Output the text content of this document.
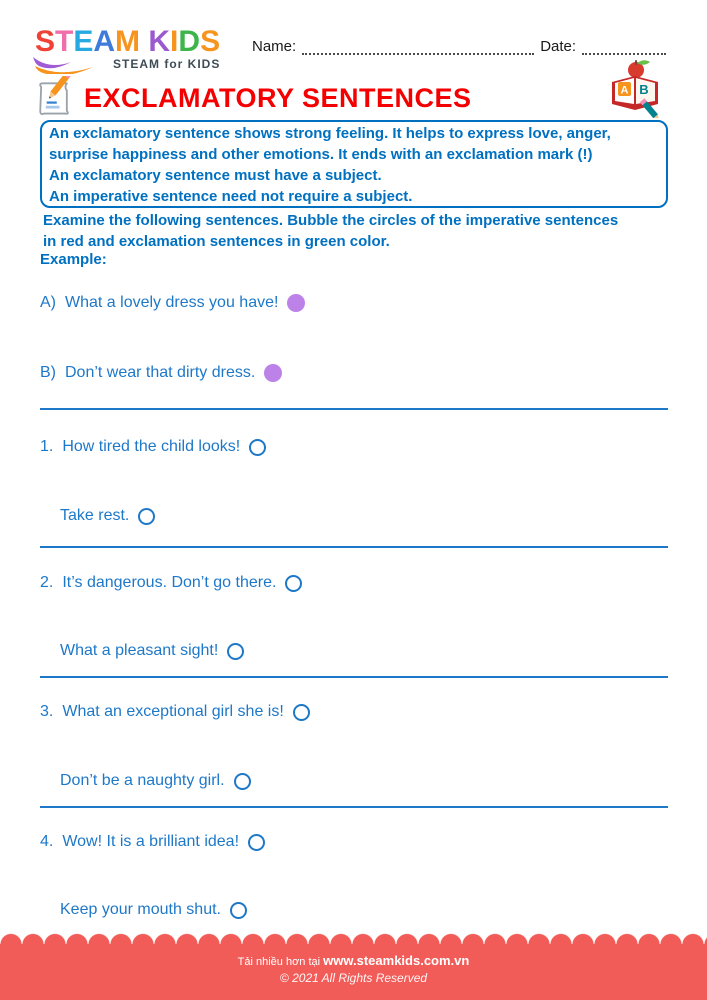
STEAM KIDS
STEAM for KIDS
Name:	Date:
EXCLAMATORY SENTENCES	A B
An exclamatory sentence shows strong feeling. It helps to express love, anger,
surprise happiness and other emotions. It ends with an exclamation mark (!)
An exclamatory sentence must have a subject.
An imperative sentence need not require a subject.
Examine the following sentences. Bubble the circles of the imperative sentences
in red and exclamation sentences in green color.
Example:
A) What a lovely dress you have!
B) Don’t wear that dirty dress.
1. How tired the child looks!
Take rest.
2. It’s dangerous. Don’t go there.
What a pleasant sight!
3. What an exceptional girl she is!
Don’t be a naughty girl.
4. Wow! It is a brilliant idea!
Keep your mouth shut.
Tải nhiều hơn tại www.steamkids.com.vn
© 2021 All Rights Reserved
